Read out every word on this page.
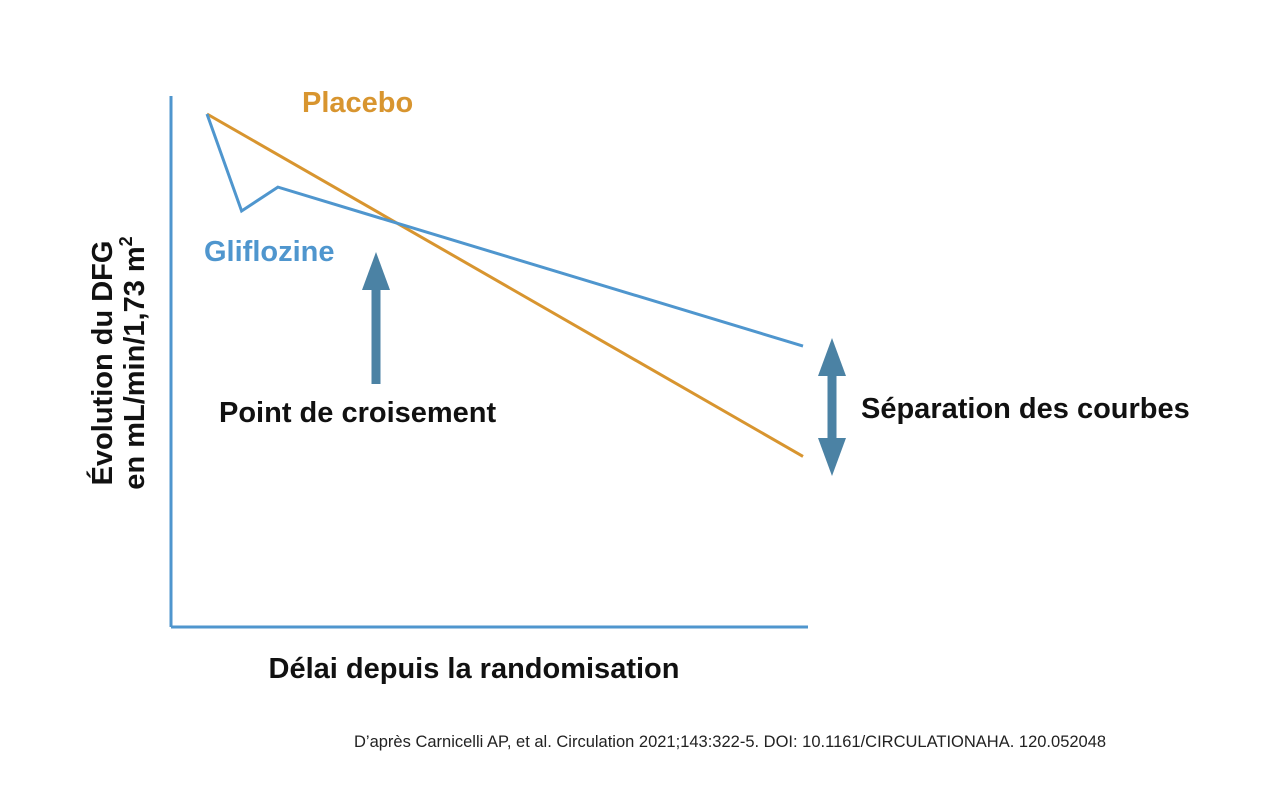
Placebo
Gliflozine
Point de croisement	Séparation des courbes
Évolution du DFG en mL/min/1,73 $m^2$
Délai depuis la randomisation
D’après Carnicelli AP, et al. Circulation 2021;143:322-5. DOI: 10.1161/CIRCULATIONAHA. 120.052048
